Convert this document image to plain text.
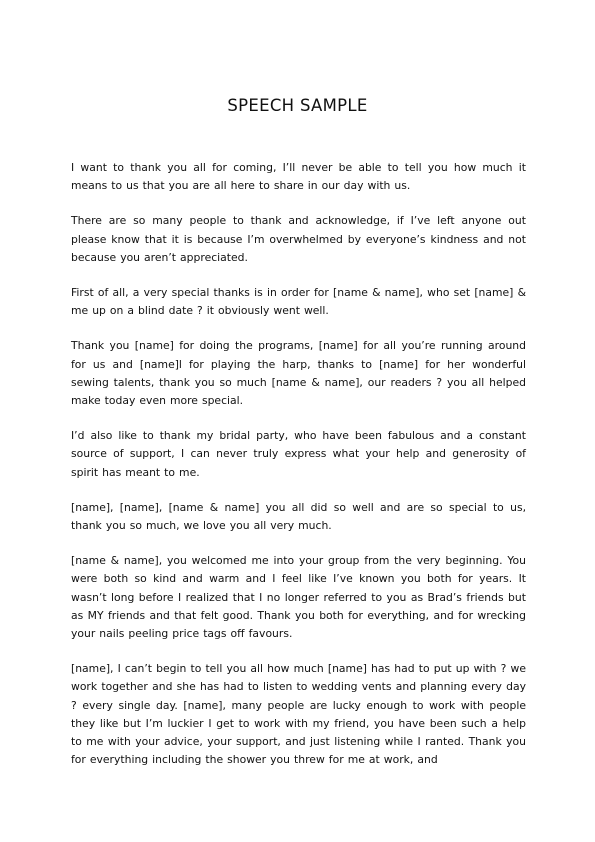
SPEECH SAMPLE

I want to thank you all for coming, I’ll never be able to tell you how much it means to us that you are all here to share in our day with us.

There are so many people to thank and acknowledge, if I’ve left anyone out please know that it is because I’m overwhelmed by everyone’s kindness and not because you aren’t appreciated.

First of all, a very special thanks is in order for [name & name], who set [name] & me up on a blind date ? it obviously went well.

Thank you [name] for doing the programs, [name] for all you’re running around for us and [name]l for playing the harp, thanks to [name] for her wonderful sewing talents, thank you so much [name & name], our readers ? you all helped make today even more special.

I’d also like to thank my bridal party, who have been fabulous and a constant source of support, I can never truly express what your help and generosity of spirit has meant to me.

[name], [name], [name & name] you all did so well and are so special to us, thank you so much, we love you all very much.

[name & name], you welcomed me into your group from the very beginning. You were both so kind and warm and I feel like I’ve known you both for years. It wasn’t long before I realized that I no longer referred to you as Brad’s friends but as MY friends and that felt good. Thank you both for everything, and for wrecking your nails peeling price tags off favours.

[name], I can’t begin to tell you all how much [name] has had to put up with ? we work together and she has had to listen to wedding vents and planning every day ? every single day. [name], many people are lucky enough to work with people they like but I’m luckier I get to work with my friend, you have been such a help to me with your advice, your support, and just listening while I ranted. Thank you for everything including the shower you threw for me at work, and
